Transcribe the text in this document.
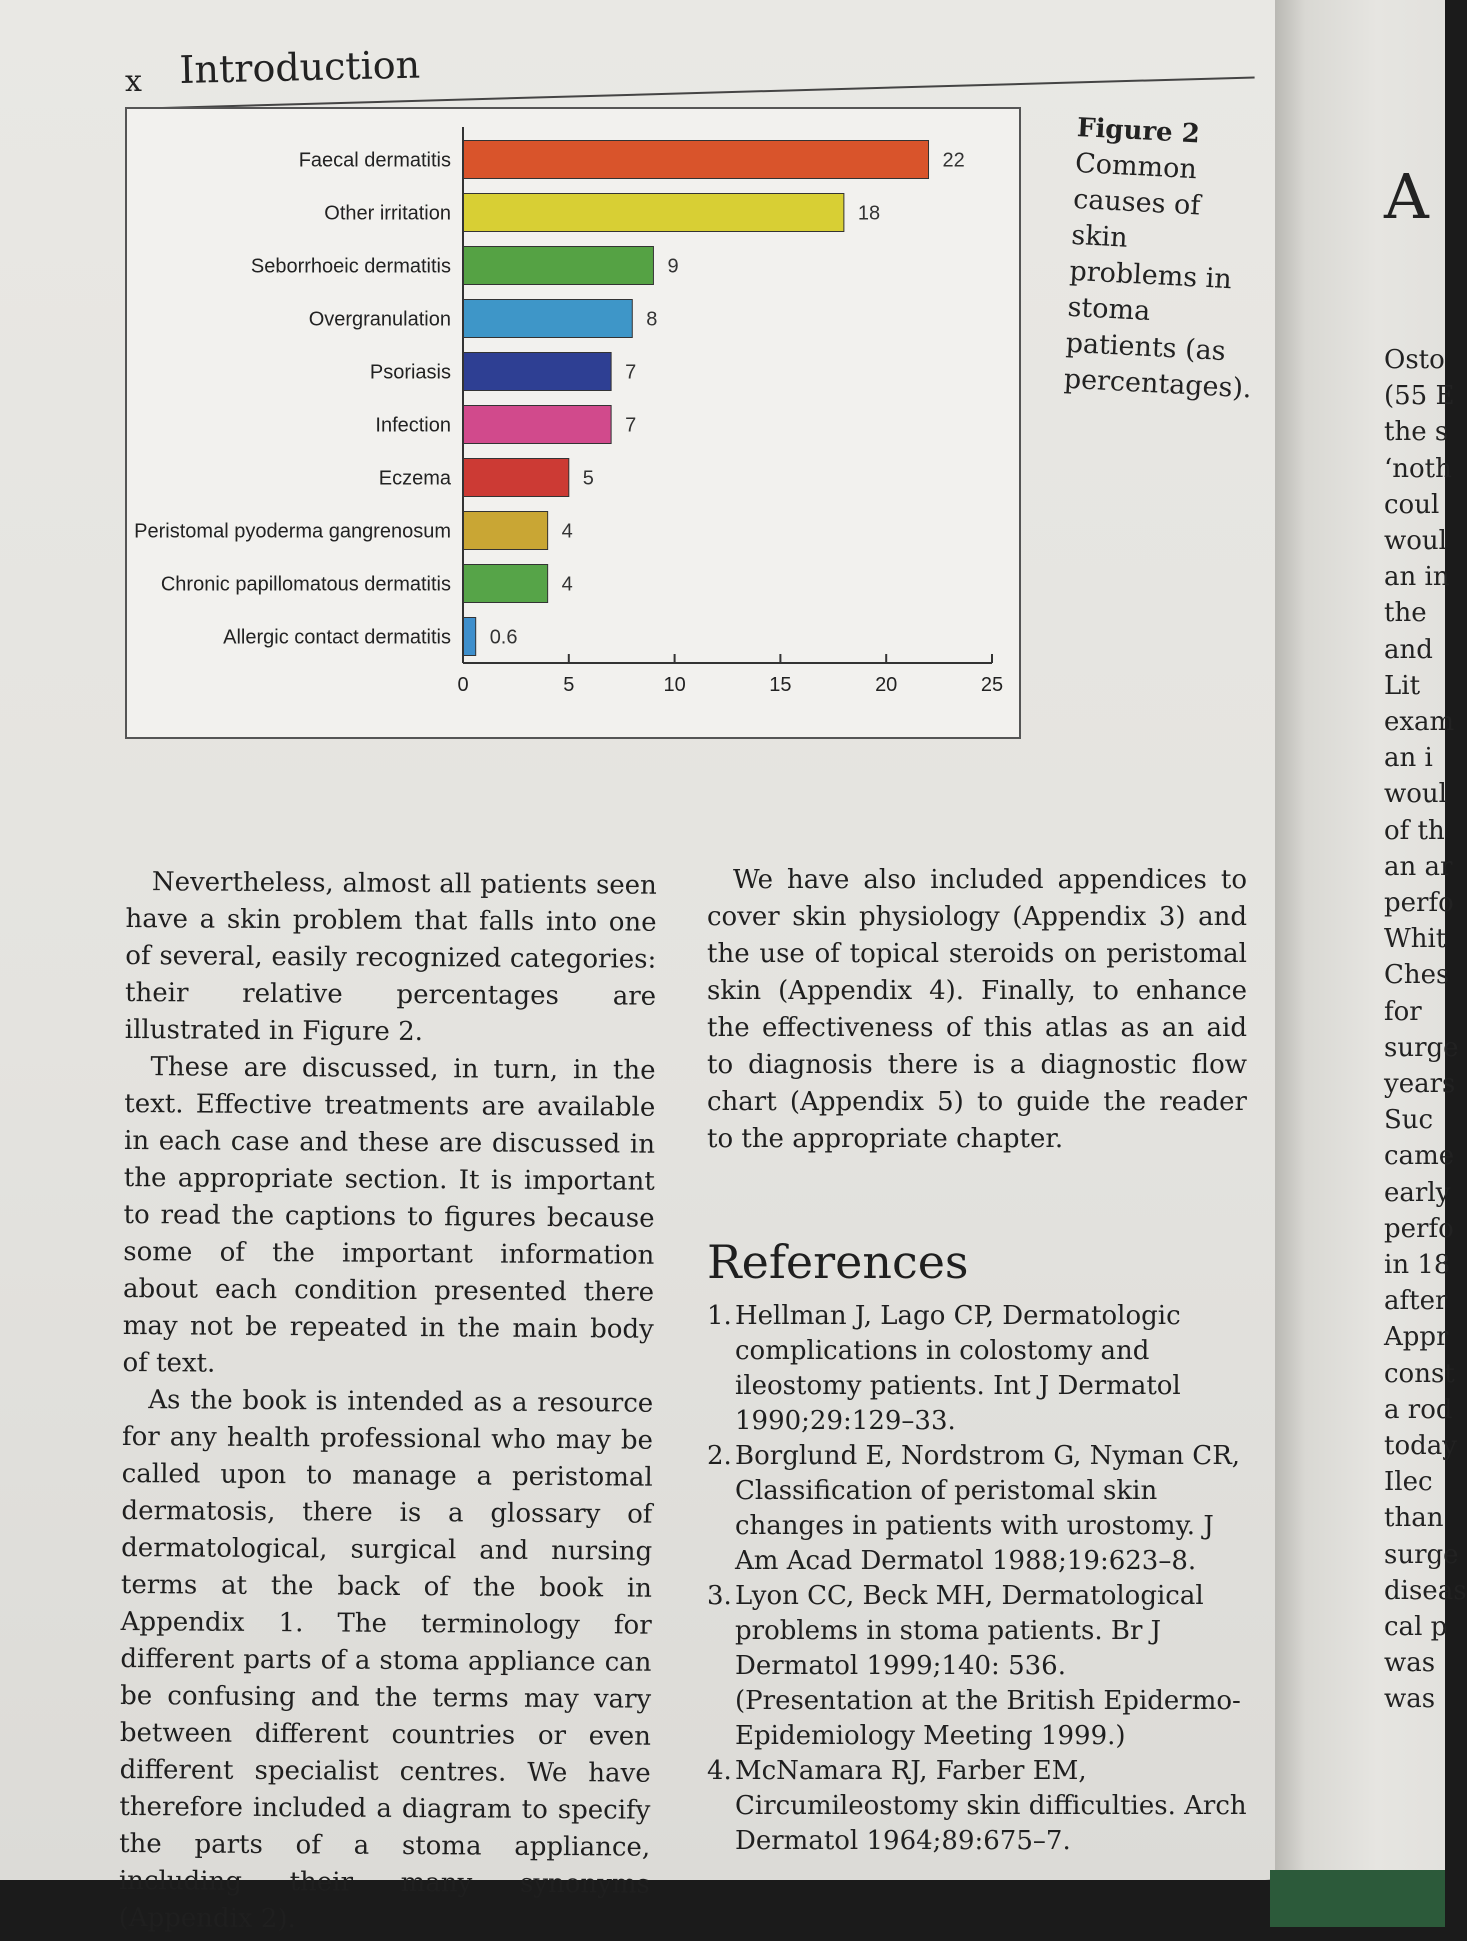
x Introduction
Faecal dermatitis	22
Other irritation	18
Seborrhoeic dermatitis	9
Overgranulation	8
Psoriasis	7
Infection	7
Eczema	5
Peristomal pyoderma gangrenosum	4
Chronic papillomatous dermatitis	4
Allergic contact dermatitis 0.6
0	5	10	15	20	25
Figure 2
Common causes of skin problems in stoma patients (as percentages).

Nevertheless, almost all patients seen have a skin problem that falls into one of several, easily recognized categories: their relative percentages are illustrated in Figure 2.

These are discussed, in turn, in the text. Effective treatments are available in each case and these are discussed in the appropriate section. It is important to read the captions to figures because some of the important information about each condition presented there may not be repeated in the main body of text.

As the book is intended as a resource for any health professional who may be called upon to manage a peristomal dermatosis, there is a glossary of dermatological, surgical and nursing terms at the back of the book in Appendix 1. The terminology for different parts of a stoma appliance can be confusing and the terms may vary between different countries or even different specialist centres. We have therefore included a diagram to specify the parts of a stoma appliance, including their many synonyms (Appendix 2).

We have also included appendices to cover skin physiology (Appendix 3) and the use of topical steroids on peristomal skin (Appendix 4). Finally, to enhance the effectiveness of this atlas as an aid to diagnosis there is a diagnostic flow chart (Appendix 5) to guide the reader to the appropriate chapter.

References
1. Hellman J, Lago CP, Dermatologic complications in colostomy and ileostomy patients. Int J Dermatol 1990;29:129–33.
2. Borglund E, Nordstrom G, Nyman CR, Classification of peristomal skin changes in patients with urostomy. J Am Acad Dermatol 1988;19:623–8.
3. Lyon CC, Beck MH, Dermatological problems in stoma patients. Br J Dermatol 1999;140: 536. (Presentation at the British Epidermo-Epidemiology Meeting 1999.)
4. McNamara RJ, Farber EM, Circumileostomy skin difficulties. Arch Dermatol 1964;89:675–7.
A
Osto
(55 E
the s
‘noth
coul
woul
an in
the
and
Lit
exam
an i
woul
of th
an ar
perfo
Whit
Ches
for
surge
years
Suc
came
early
perfo
in 18
after
Appr
const
a rod
today
Ilec
than
surge
diseas
cal p
was
was
